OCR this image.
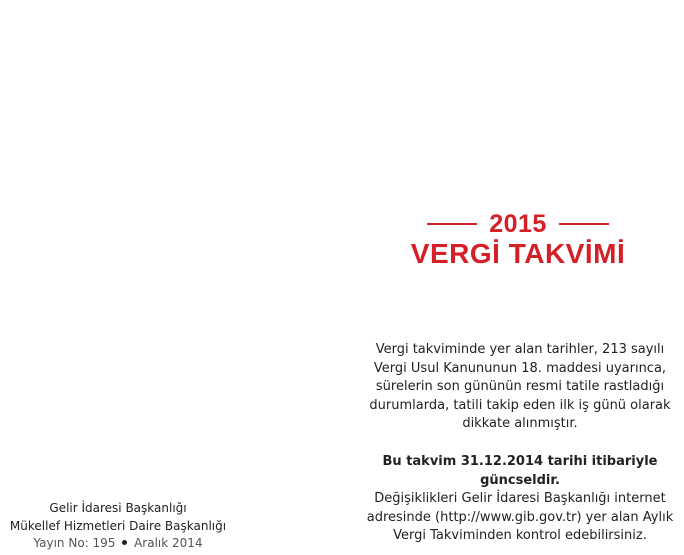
2015
VERGİ TAKVİMİ
Vergi takviminde yer alan tarihler, 213 sayılı
Vergi Usul Kanununun 18. maddesi uyarınca,
sürelerin son gününün resmi tatile rastladığı
durumlarda, tatili takip eden ilk iş günü olarak
dikkate alınmıştır.
Bu takvim 31.12.2014 tarihi itibariyle güncseldir.
Değişiklikleri Gelir İdaresi Başkanlığı internet
adresinde (http://www.gib.gov.tr) yer alan Aylık
Vergi Takviminden kontrol edebilirsiniz.
Gelir İdaresi Başkanlığı
Mükellef Hizmetleri Daire Başkanlığı
Yayın No: 195 Aralık 2014
